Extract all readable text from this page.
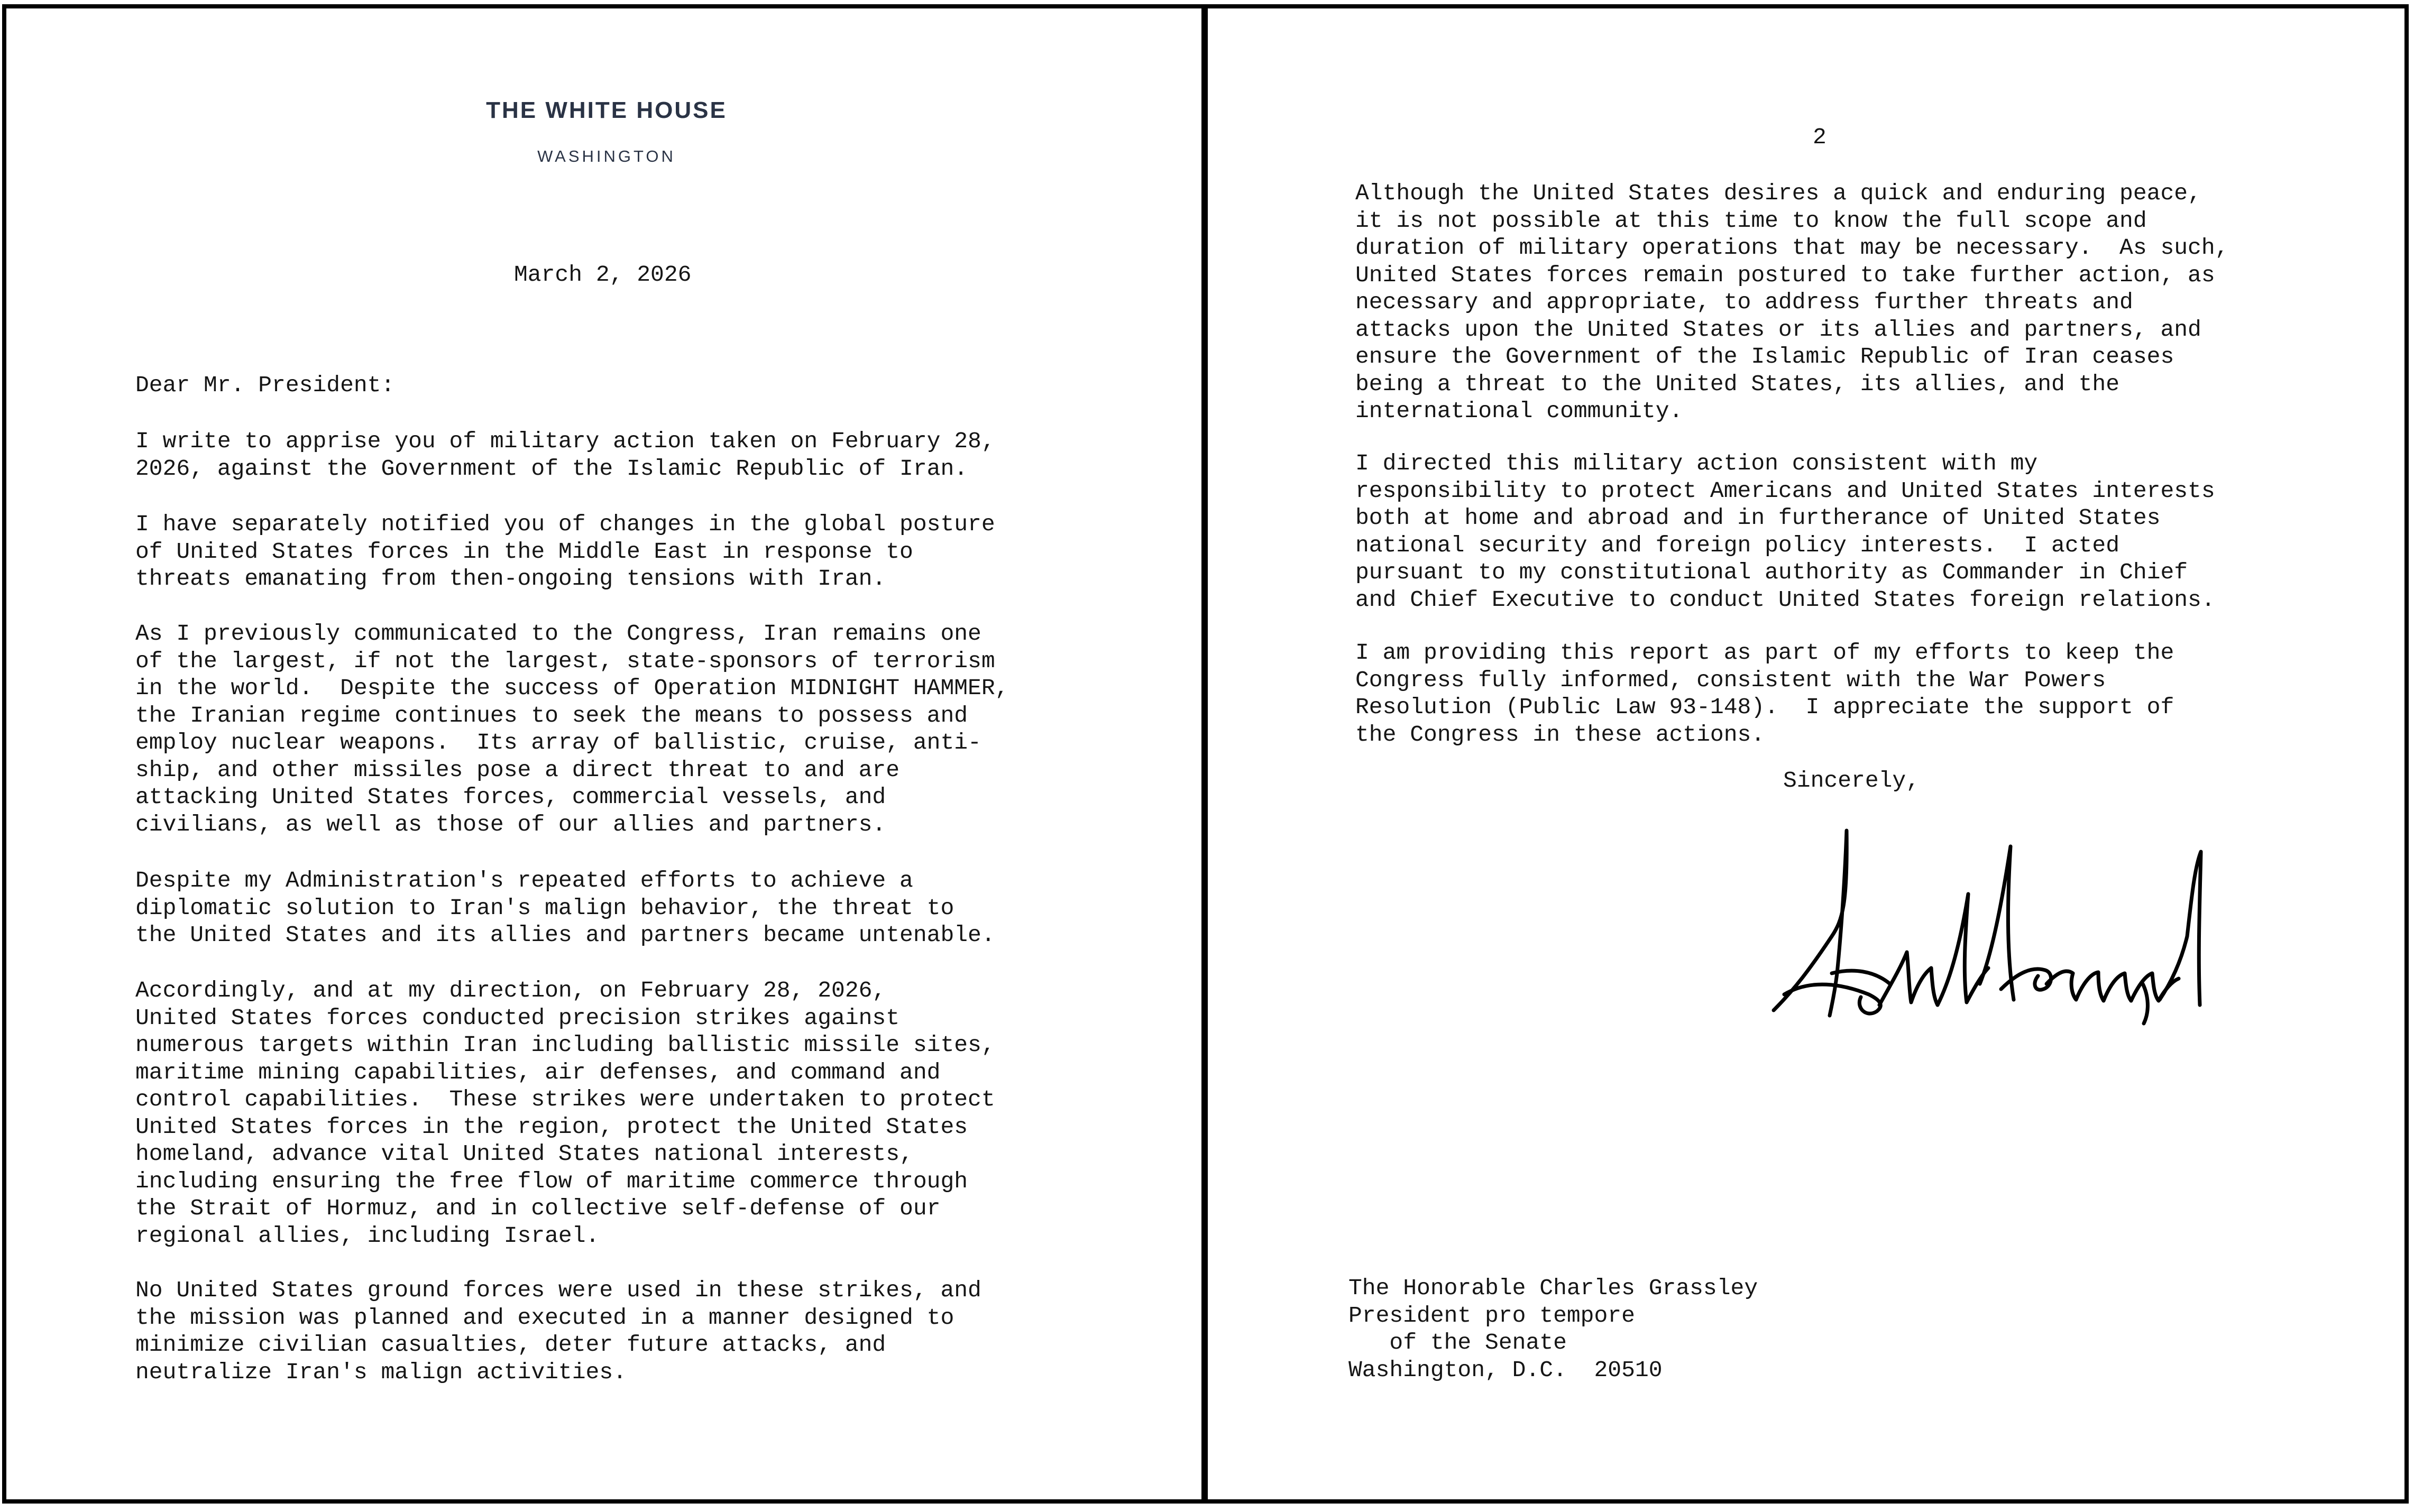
THE WHITE HOUSE
WASHINGTON
March 2, 2026
Dear Mr. President:
I write to apprise you of military action taken on February 28,
2026, against the Government of the Islamic Republic of Iran.
I have separately notified you of changes in the global posture
of United States forces in the Middle East in response to
threats emanating from then-ongoing tensions with Iran.
As I previously communicated to the Congress, Iran remains one
of the largest, if not the largest, state-sponsors of terrorism
in the world.  Despite the success of Operation MIDNIGHT HAMMER,
the Iranian regime continues to seek the means to possess and
employ nuclear weapons.  Its array of ballistic, cruise, anti-
ship, and other missiles pose a direct threat to and are
attacking United States forces, commercial vessels, and
civilians, as well as those of our allies and partners.
Despite my Administration's repeated efforts to achieve a
diplomatic solution to Iran's malign behavior, the threat to
the United States and its allies and partners became untenable.
Accordingly, and at my direction, on February 28, 2026,
United States forces conducted precision strikes against
numerous targets within Iran including ballistic missile sites,
maritime mining capabilities, air defenses, and command and
control capabilities.  These strikes were undertaken to protect
United States forces in the region, protect the United States
homeland, advance vital United States national interests,
including ensuring the free flow of maritime commerce through
the Strait of Hormuz, and in collective self-defense of our
regional allies, including Israel.
No United States ground forces were used in these strikes, and
the mission was planned and executed in a manner designed to
minimize civilian casualties, deter future attacks, and
neutralize Iran's malign activities.
2
Although the United States desires a quick and enduring peace,
it is not possible at this time to know the full scope and
duration of military operations that may be necessary.  As such,
United States forces remain postured to take further action, as
necessary and appropriate, to address further threats and
attacks upon the United States or its allies and partners, and
ensure the Government of the Islamic Republic of Iran ceases
being a threat to the United States, its allies, and the
international community.
I directed this military action consistent with my
responsibility to protect Americans and United States interests
both at home and abroad and in furtherance of United States
national security and foreign policy interests.  I acted
pursuant to my constitutional authority as Commander in Chief
and Chief Executive to conduct United States foreign relations.
I am providing this report as part of my efforts to keep the
Congress fully informed, consistent with the War Powers
Resolution (Public Law 93-148).  I appreciate the support of
the Congress in these actions.
Sincerely,
The Honorable Charles Grassley
President pro tempore
of the Senate
Washington, D.C.  20510
